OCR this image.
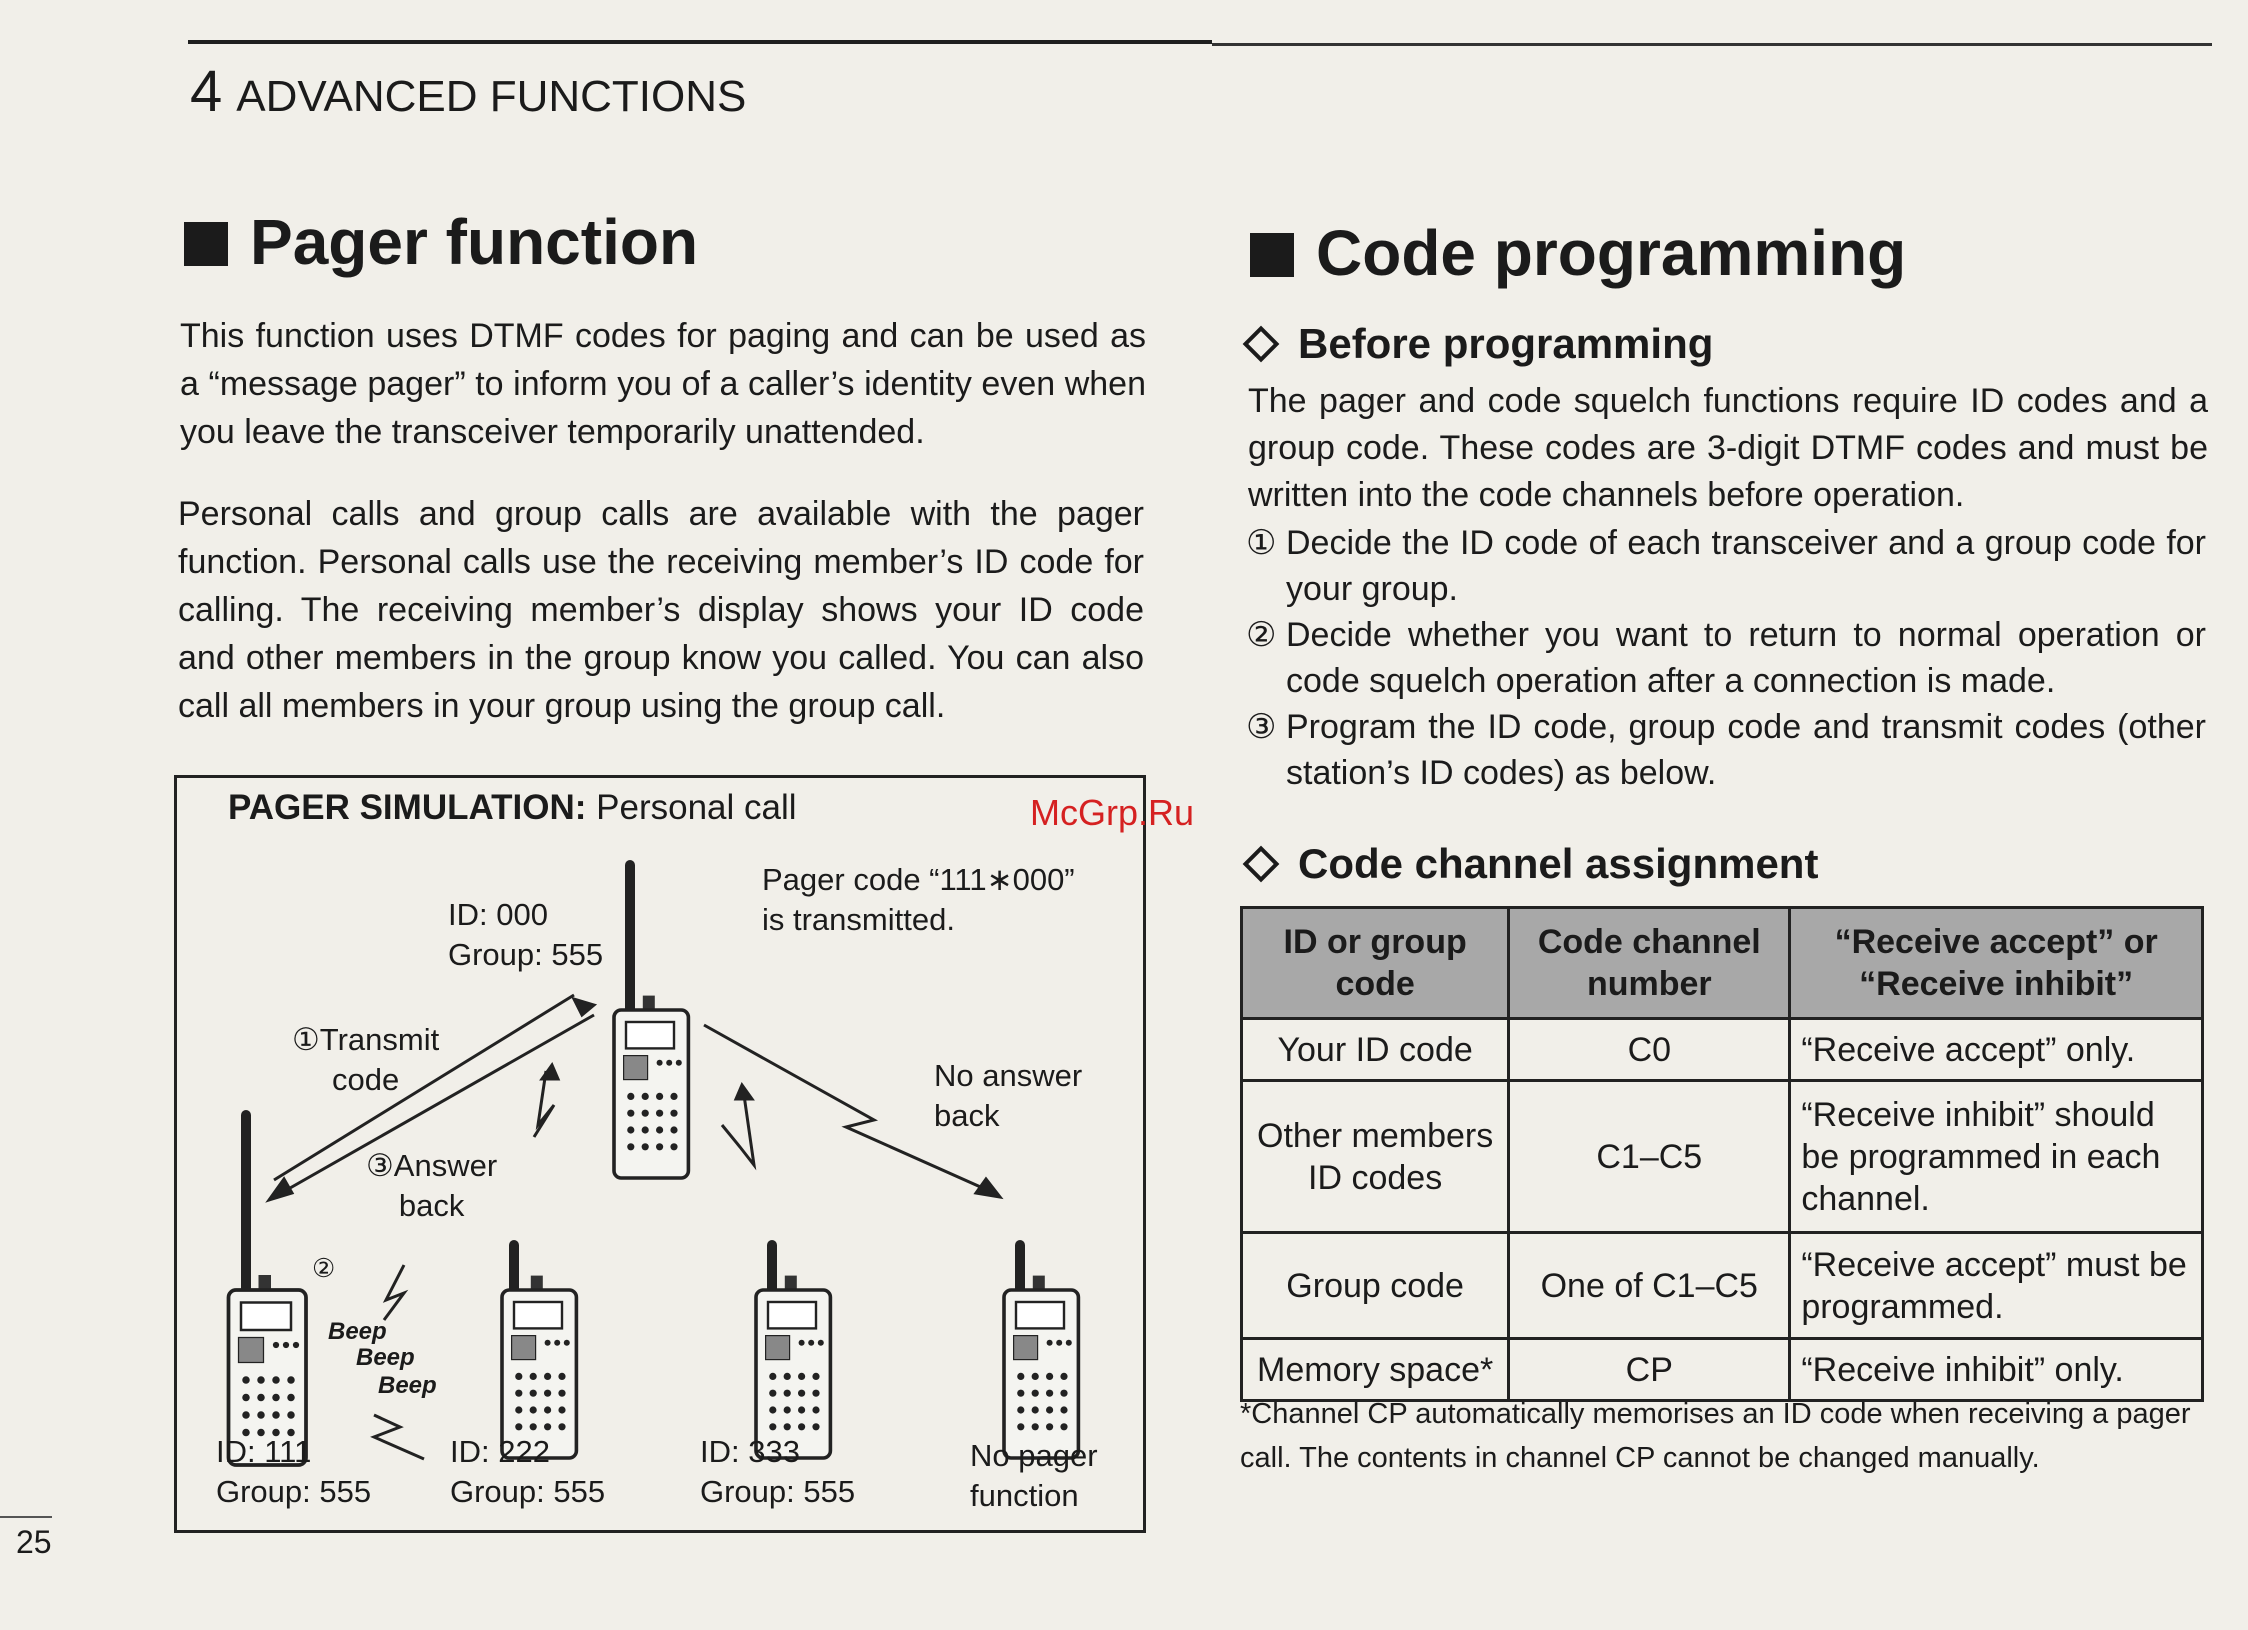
4 ADVANCED FUNCTIONS
Pager function
This function uses DTMF codes for paging and can be used as a “message pager” to inform you of a caller’s identity even when you leave the transceiver temporarily unattended.
Personal calls and group calls are available with the pager function. Personal calls use the receiving member’s ID code for calling. The receiving member’s display shows your ID code and other members in the group know you called. You can also call all members in your group using the group call.
PAGER SIMULATION: Personal call
Pager code “111∗000”
is transmitted.
ID: 000
Group: 555
①Transmit
code
③Answer
back
No answer
back
②
Beep
Beep
Beep
ID: 111
Group: 555
ID: 222
Group: 555
ID: 333
Group: 555
No pager
function
McGrp.Ru
Code programming
Before programming
The pager and code squelch functions require ID codes and a group code. These codes are 3-digit DTMF codes and must be written into the code channels before operation.
① Decide the ID code of each transceiver and a group code for your group.
② Decide whether you want to return to normal operation or code squelch operation after a connection is made.
③ Program the ID code, group code and transmit codes (other station’s ID codes) as below.
Code channel assignment
ID or group code	Code channel number	“Receive accept” or “Receive inhibit”
Your ID code	C0	“Receive accept” only.
Other members ID codes	C1–C5	“Receive inhibit” should be programmed in each channel.
Group code	One of C1–C5	“Receive accept” must be programmed.
Memory space*	CP	“Receive inhibit” only.
*Channel CP automatically memorises an ID code when receiving a pager call. The contents in channel CP cannot be changed manually.
25
